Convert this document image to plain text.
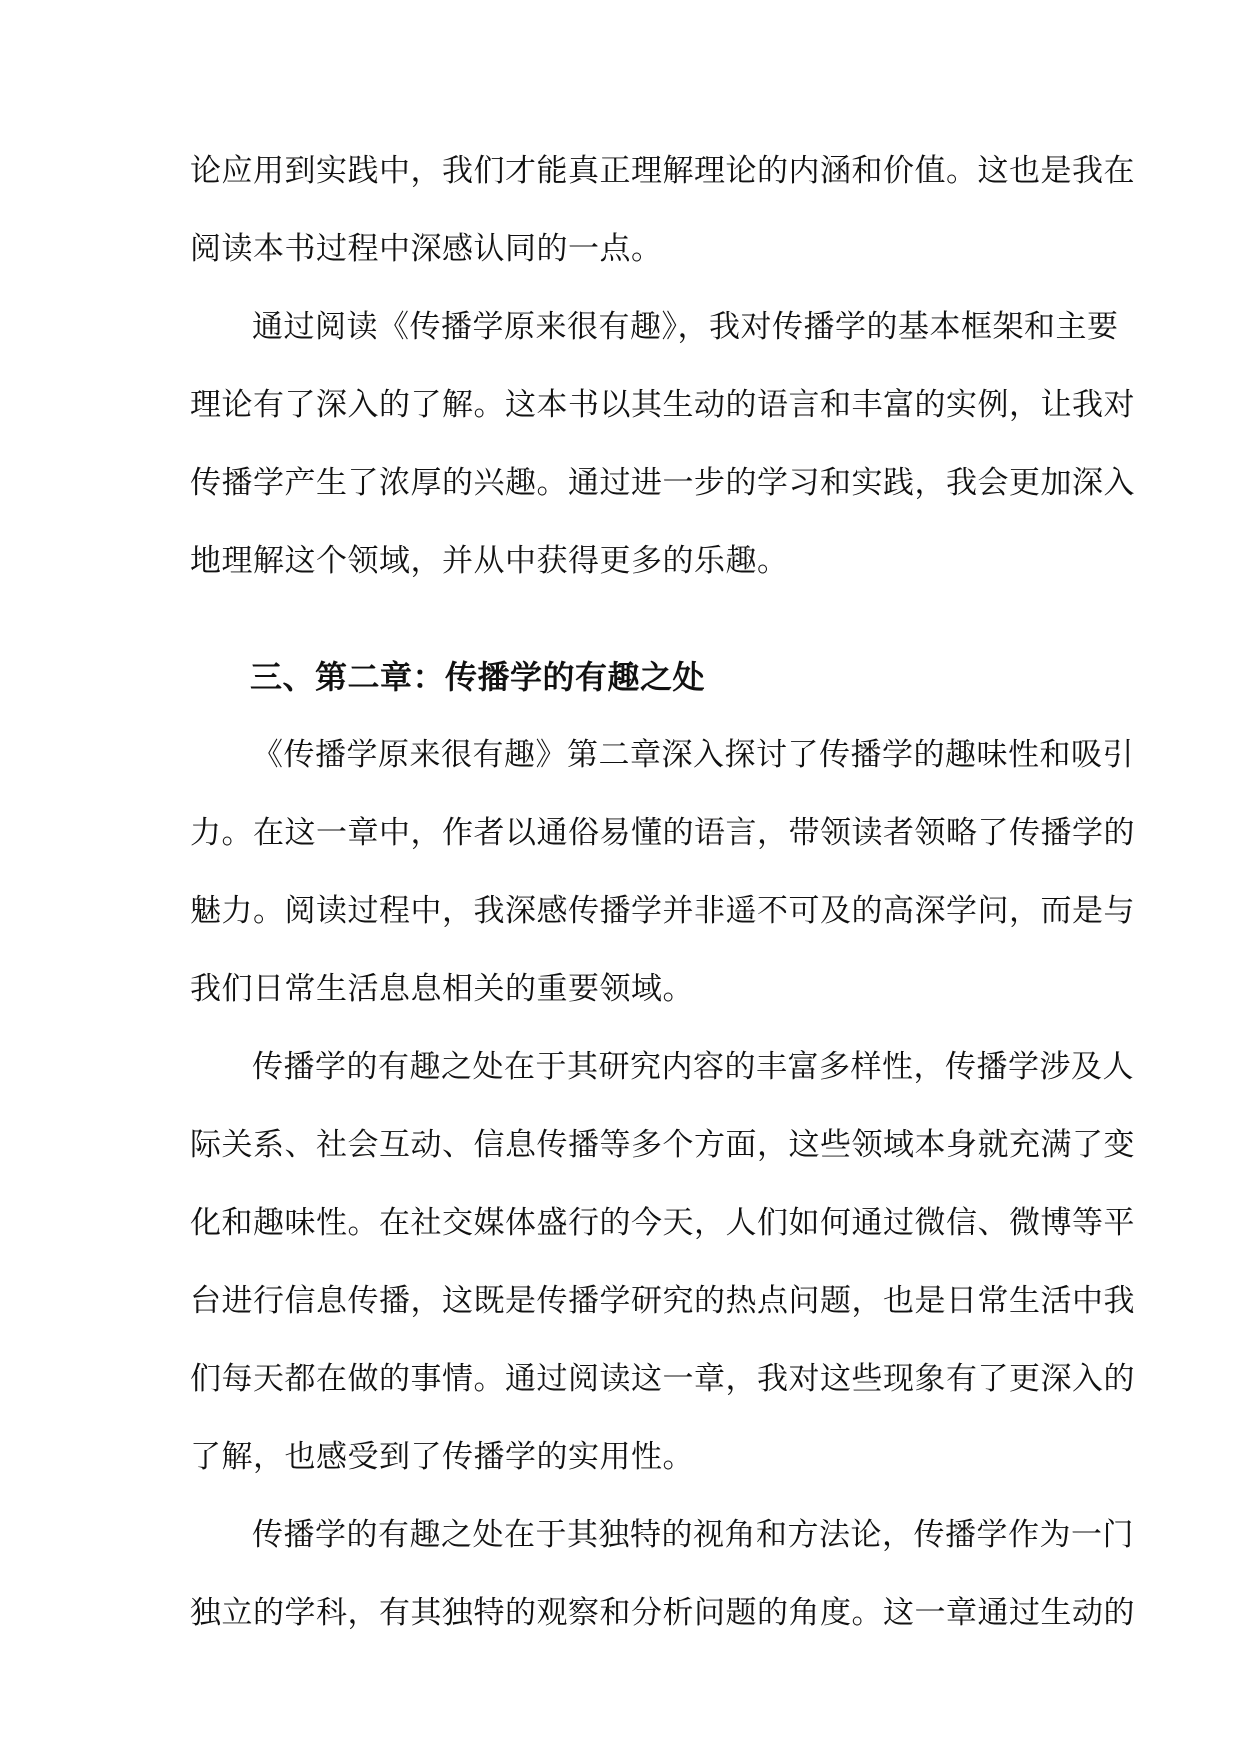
论应用到实践中，我们才能真正理解理论的内涵和价值。这也是我在
阅读本书过程中深感认同的一点。
通过阅读《传播学原来很有趣》，我对传播学的基本框架和主要
理论有了深入的了解。这本书以其生动的语言和丰富的实例，让我对
传播学产生了浓厚的兴趣。通过进一步的学习和实践，我会更加深入
地理解这个领域，并从中获得更多的乐趣。
三、第二章：传播学的有趣之处
《传播学原来很有趣》第二章深入探讨了传播学的趣味性和吸引
力。在这一章中，作者以通俗易懂的语言，带领读者领略了传播学的
魅力。阅读过程中，我深感传播学并非遥不可及的高深学问，而是与
我们日常生活息息相关的重要领域。
传播学的有趣之处在于其研究内容的丰富多样性，传播学涉及人
际关系、社会互动、信息传播等多个方面，这些领域本身就充满了变
化和趣味性。在社交媒体盛行的今天，人们如何通过微信、微博等平
台进行信息传播，这既是传播学研究的热点问题，也是日常生活中我
们每天都在做的事情。通过阅读这一章，我对这些现象有了更深入的
了解，也感受到了传播学的实用性。
传播学的有趣之处在于其独特的视角和方法论，传播学作为一门
独立的学科，有其独特的观察和分析问题的角度。这一章通过生动的
